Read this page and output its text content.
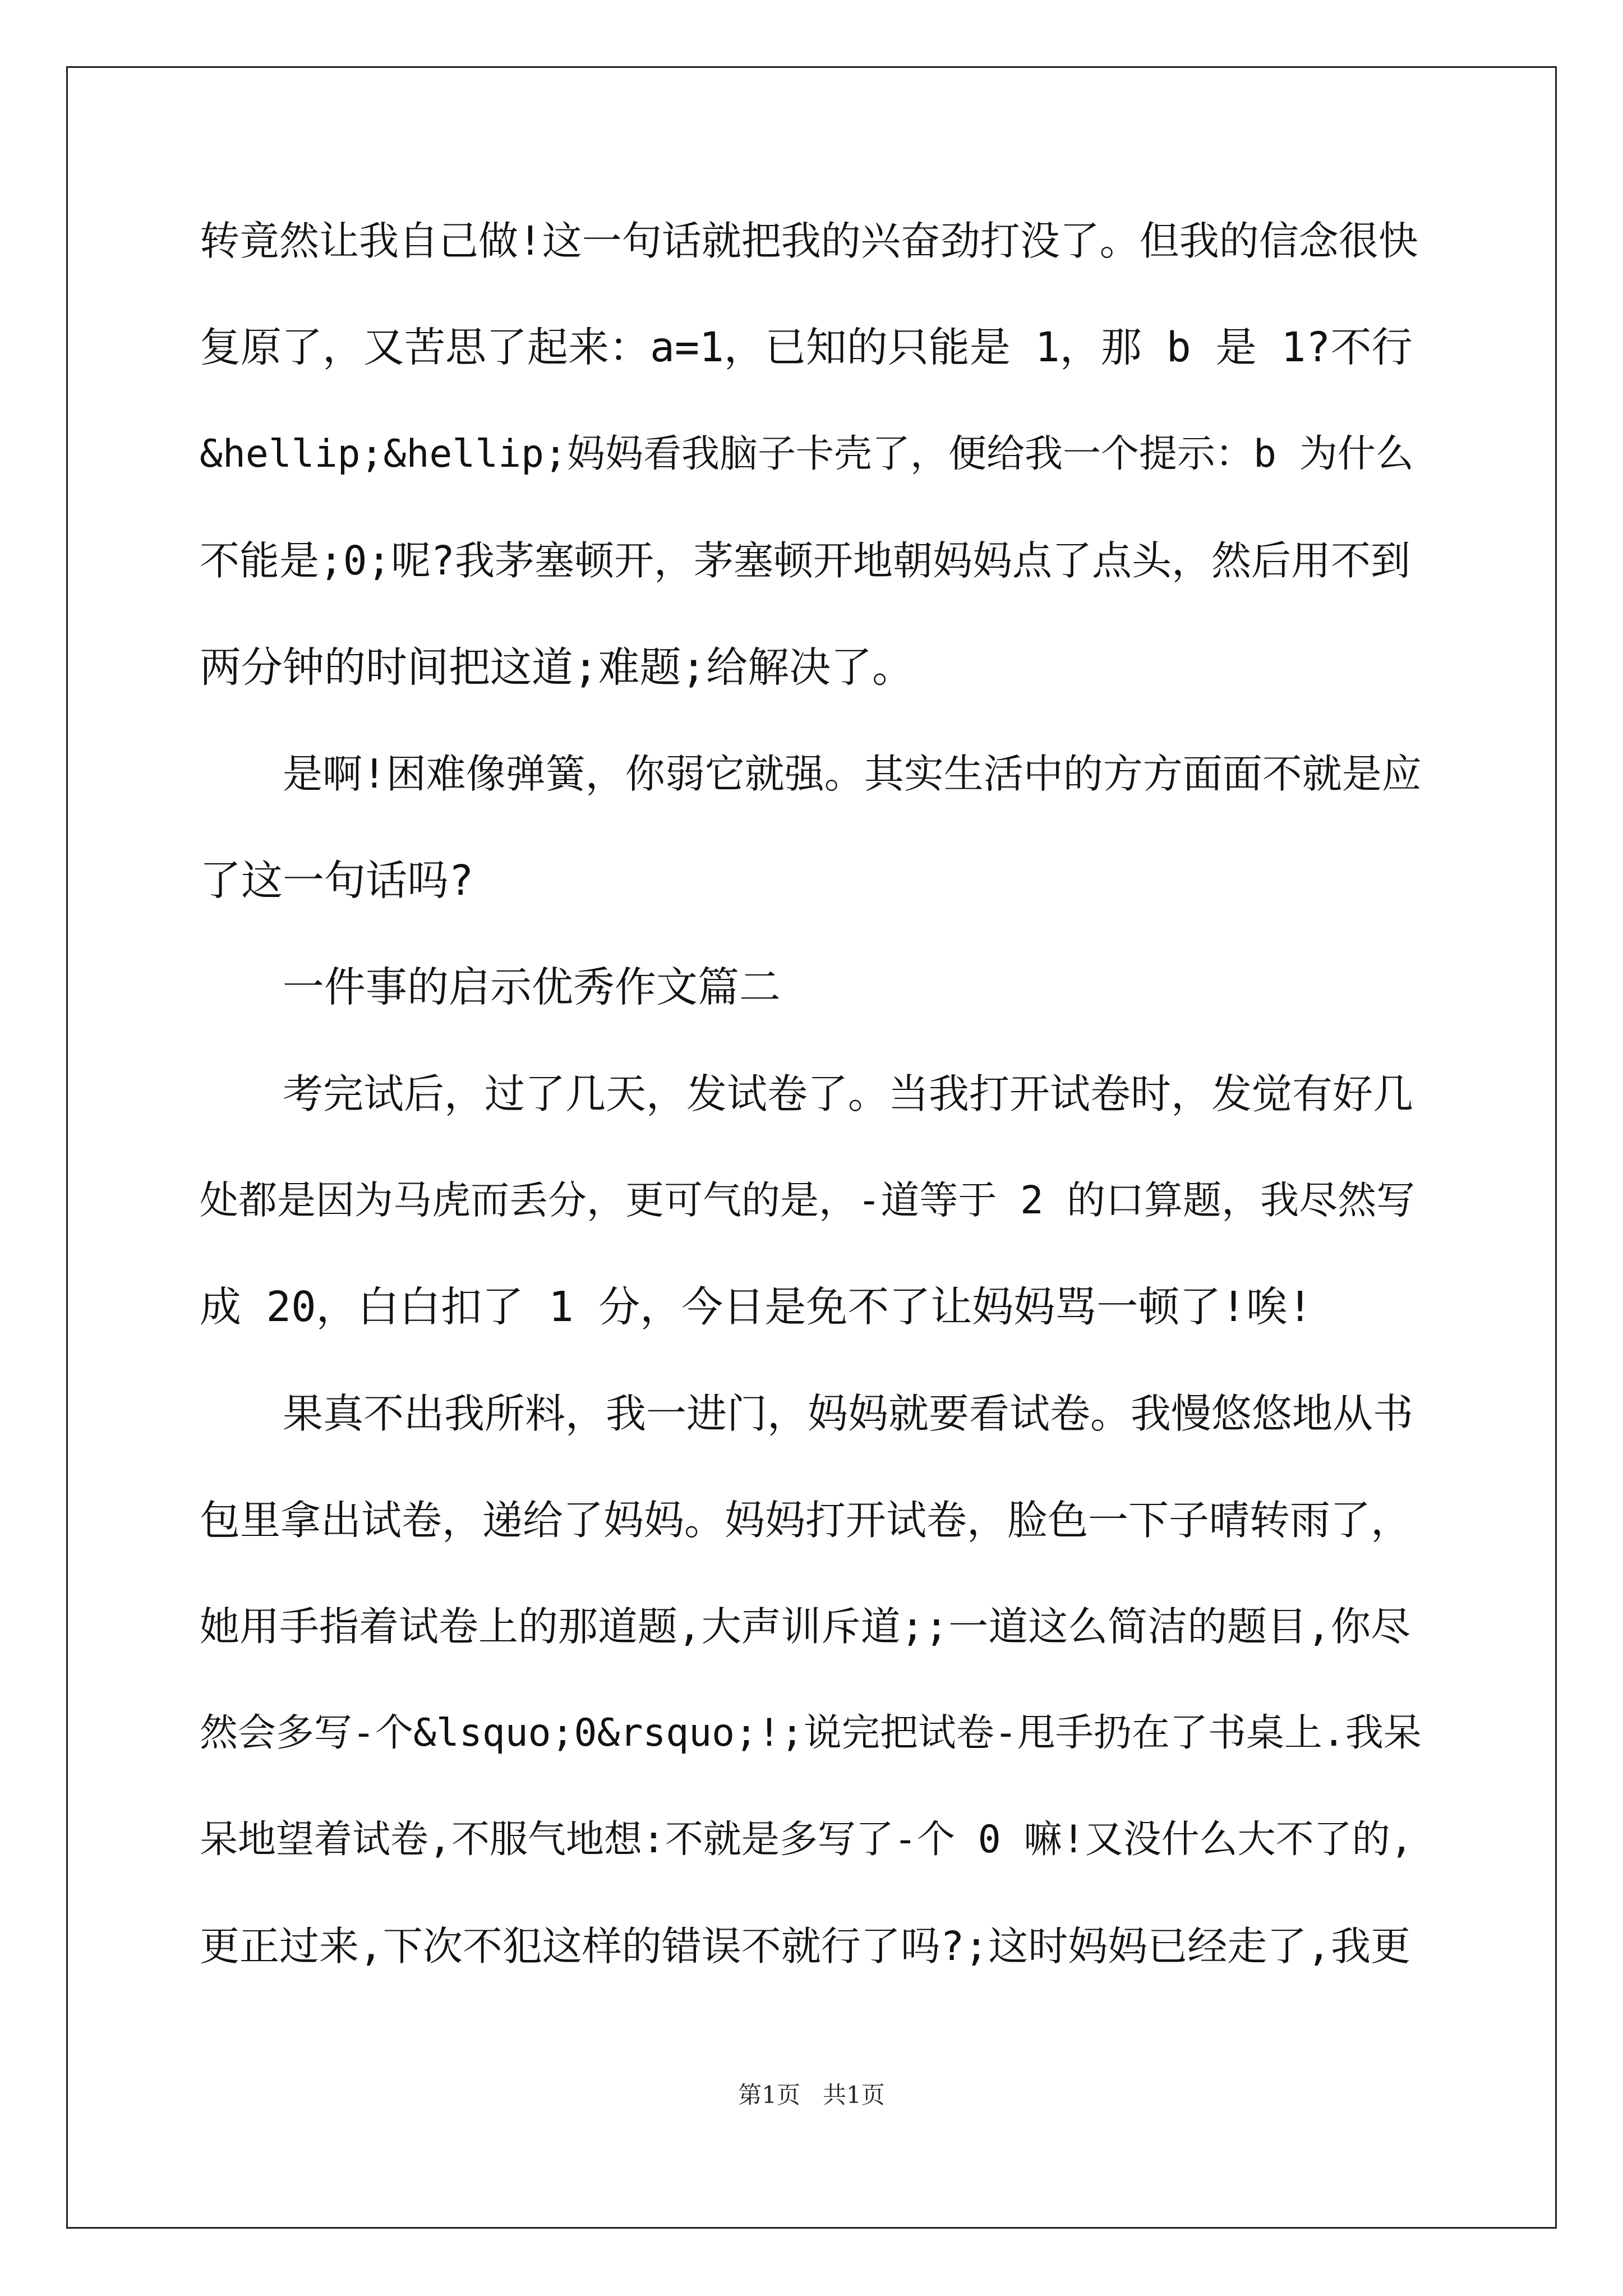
转竟然让我自己做!这一句话就把我的兴奋劲打没了。但我的信念很快
复原了，又苦思了起来：a=1，已知的只能是 1，那 b 是 1?不行
&hellip;&hellip;妈妈看我脑子卡壳了，便给我一个提示：b 为什么
不能是;0;呢?我茅塞顿开，茅塞顿开地朝妈妈点了点头，然后用不到
两分钟的时间把这道;难题;给解决了。
是啊!困难像弹簧，你弱它就强。其实生活中的方方面面不就是应
了这一句话吗?
一件事的启示优秀作文篇二
考完试后，过了几天，发试卷了。当我打开试卷时，发觉有好几
处都是因为马虎而丢分，更可气的是，-道等于 2 的口算题，我尽然写
成 20，白白扣了 1 分，今日是免不了让妈妈骂一顿了!唉!
果真不出我所料，我一进门，妈妈就要看试卷。我慢悠悠地从书
包里拿出试卷，递给了妈妈。妈妈打开试卷，脸色一下子晴转雨了，
她用手指着试卷上的那道题,大声训斥道;;一道这么简洁的题目,你尽
然会多写-个&lsquo;0&rsquo;!;说完把试卷-甩手扔在了书桌上.我呆
呆地望着试卷,不服气地想:不就是多写了-个 0 嘛!又没什么大不了的,
更正过来,下次不犯这样的错误不就行了吗?;这时妈妈已经走了,我更
第1页 共1页
